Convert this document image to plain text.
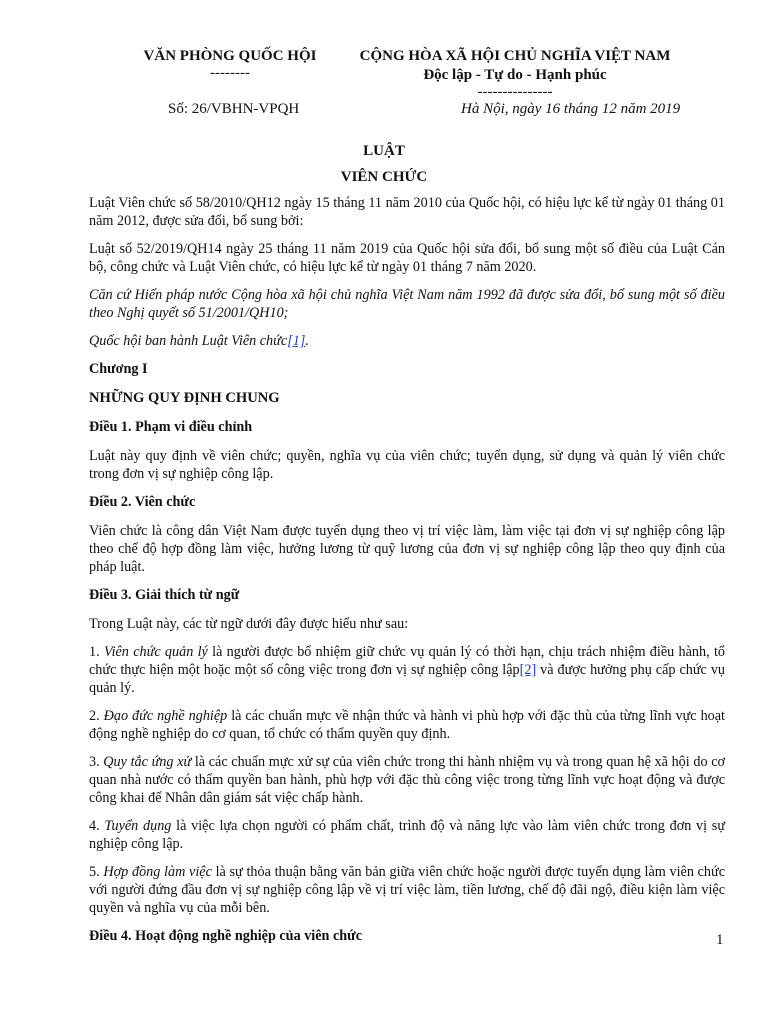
VĂN PHÒNG QUỐC HỘI
--------
CỘNG HÒA XÃ HỘI CHỦ NGHĨA VIỆT NAM
Độc lập - Tự do - Hạnh phúc
---------------
Số: 26/VBHN-VPQH	Hà Nội, ngày 16 tháng 12 năm 2019
LUẬT
VIÊN CHỨC

Luật Viên chức số 58/2010/QH12 ngày 15 tháng 11 năm 2010 của Quốc hội, có hiệu lực kể từ ngày 01 tháng 01 năm 2012, được sửa đổi, bổ sung bởi:

Luật số 52/2019/QH14 ngày 25 tháng 11 năm 2019 của Quốc hội sửa đổi, bổ sung một số điều của Luật Cán bộ, công chức và Luật Viên chức, có hiệu lực kể từ ngày 01 tháng 7 năm 2020.

Căn cứ Hiến pháp nước Cộng hòa xã hội chủ nghĩa Việt Nam năm 1992 đã được sửa đổi, bổ sung một số điều theo Nghị quyết số 51/2001/QH10;

Quốc hội ban hành Luật Viên chức[1].

Chương I

NHỮNG QUY ĐỊNH CHUNG

Điều 1. Phạm vi điều chỉnh

Luật này quy định về viên chức; quyền, nghĩa vụ của viên chức; tuyển dụng, sử dụng và quản lý viên chức trong đơn vị sự nghiệp công lập.

Điều 2. Viên chức

Viên chức là công dân Việt Nam được tuyển dụng theo vị trí việc làm, làm việc tại đơn vị sự nghiệp công lập theo chế độ hợp đồng làm việc, hưởng lương từ quỹ lương của đơn vị sự nghiệp công lập theo quy định của pháp luật.

Điều 3. Giải thích từ ngữ

Trong Luật này, các từ ngữ dưới đây được hiểu như sau:

1. Viên chức quản lý là người được bổ nhiệm giữ chức vụ quản lý có thời hạn, chịu trách nhiệm điều hành, tổ chức thực hiện một hoặc một số công việc trong đơn vị sự nghiệp công lập[2] và được hưởng phụ cấp chức vụ quản lý.

2. Đạo đức nghề nghiệp là các chuẩn mực về nhận thức và hành vi phù hợp với đặc thù của từng lĩnh vực hoạt động nghề nghiệp do cơ quan, tổ chức có thẩm quyền quy định.

3. Quy tắc ứng xử là các chuẩn mực xử sự của viên chức trong thi hành nhiệm vụ và trong quan hệ xã hội do cơ quan nhà nước có thẩm quyền ban hành, phù hợp với đặc thù công việc trong từng lĩnh vực hoạt động và được công khai để Nhân dân giám sát việc chấp hành.

4. Tuyển dụng là việc lựa chọn người có phẩm chất, trình độ và năng lực vào làm viên chức trong đơn vị sự nghiệp công lập.

5. Hợp đồng làm việc là sự thỏa thuận bằng văn bản giữa viên chức hoặc người được tuyển dụng làm viên chức với người đứng đầu đơn vị sự nghiệp công lập về vị trí việc làm, tiền lương, chế độ đãi ngộ, điều kiện làm việc quyền và nghĩa vụ của mỗi bên.

Điều 4. Hoạt động nghề nghiệp của viên chức	1
